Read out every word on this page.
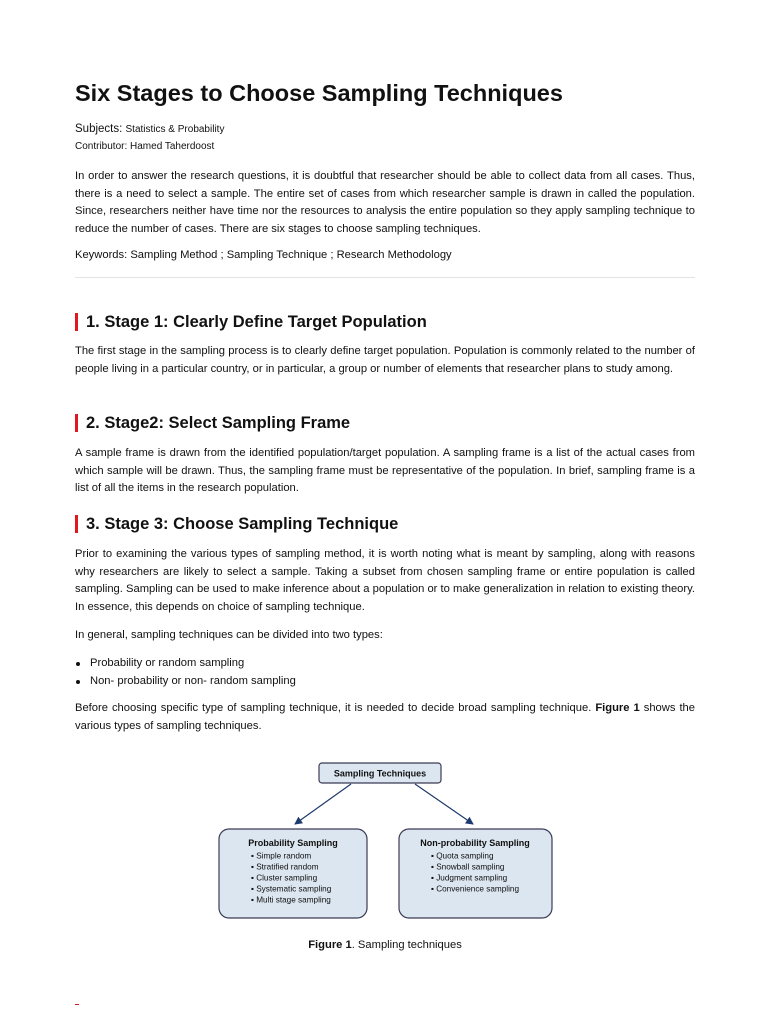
Six Stages to Choose Sampling Techniques
Subjects: Statistics & Probability
Contributor: Hamed Taherdoost

In order to answer the research questions, it is doubtful that researcher should be able to collect data from all cases. Thus, there is a need to select a sample. The entire set of cases from which researcher sample is drawn in called the population. Since, researchers neither have time nor the resources to analysis the entire population so they apply sampling technique to reduce the number of cases. There are six stages to choose sampling techniques.

Keywords: Sampling Method ; Sampling Technique ; Research Methodology
1. Stage 1: Clearly Define Target Population

The first stage in the sampling process is to clearly define target population. Population is commonly related to the number of people living in a particular country, or in particular, a group or number of elements that researcher plans to study among.

2. Stage2: Select Sampling Frame

A sample frame is drawn from the identified population/target population. A sampling frame is a list of the actual cases from which sample will be drawn. Thus, the sampling frame must be representative of the population. In brief, sampling frame is a list of all the items in the research population.

3. Stage 3: Choose Sampling Technique

Prior to examining the various types of sampling method, it is worth noting what is meant by sampling, along with reasons why researchers are likely to select a sample. Taking a subset from chosen sampling frame or entire population is called sampling. Sampling can be used to make inference about a population or to make generalization in relation to existing theory. In essence, this depends on choice of sampling technique.

In general, sampling techniques can be divided into two types:

Probability or random sampling
Non- probability or non- random sampling

Before choosing specific type of sampling technique, it is needed to decide broad sampling technique. Figure 1 shows the various types of sampling techniques.

Figure 1. Sampling techniques
Sampling Techniques
Probability Sampling
▪ Simple random
▪ Stratified random
▪ Cluster sampling
▪ Systematic sampling
▪ Multi stage sampling
Non-probability Sampling
▪ Quota sampling
▪ Snowball sampling
▪ Judgment sampling
▪ Convenience sampling
